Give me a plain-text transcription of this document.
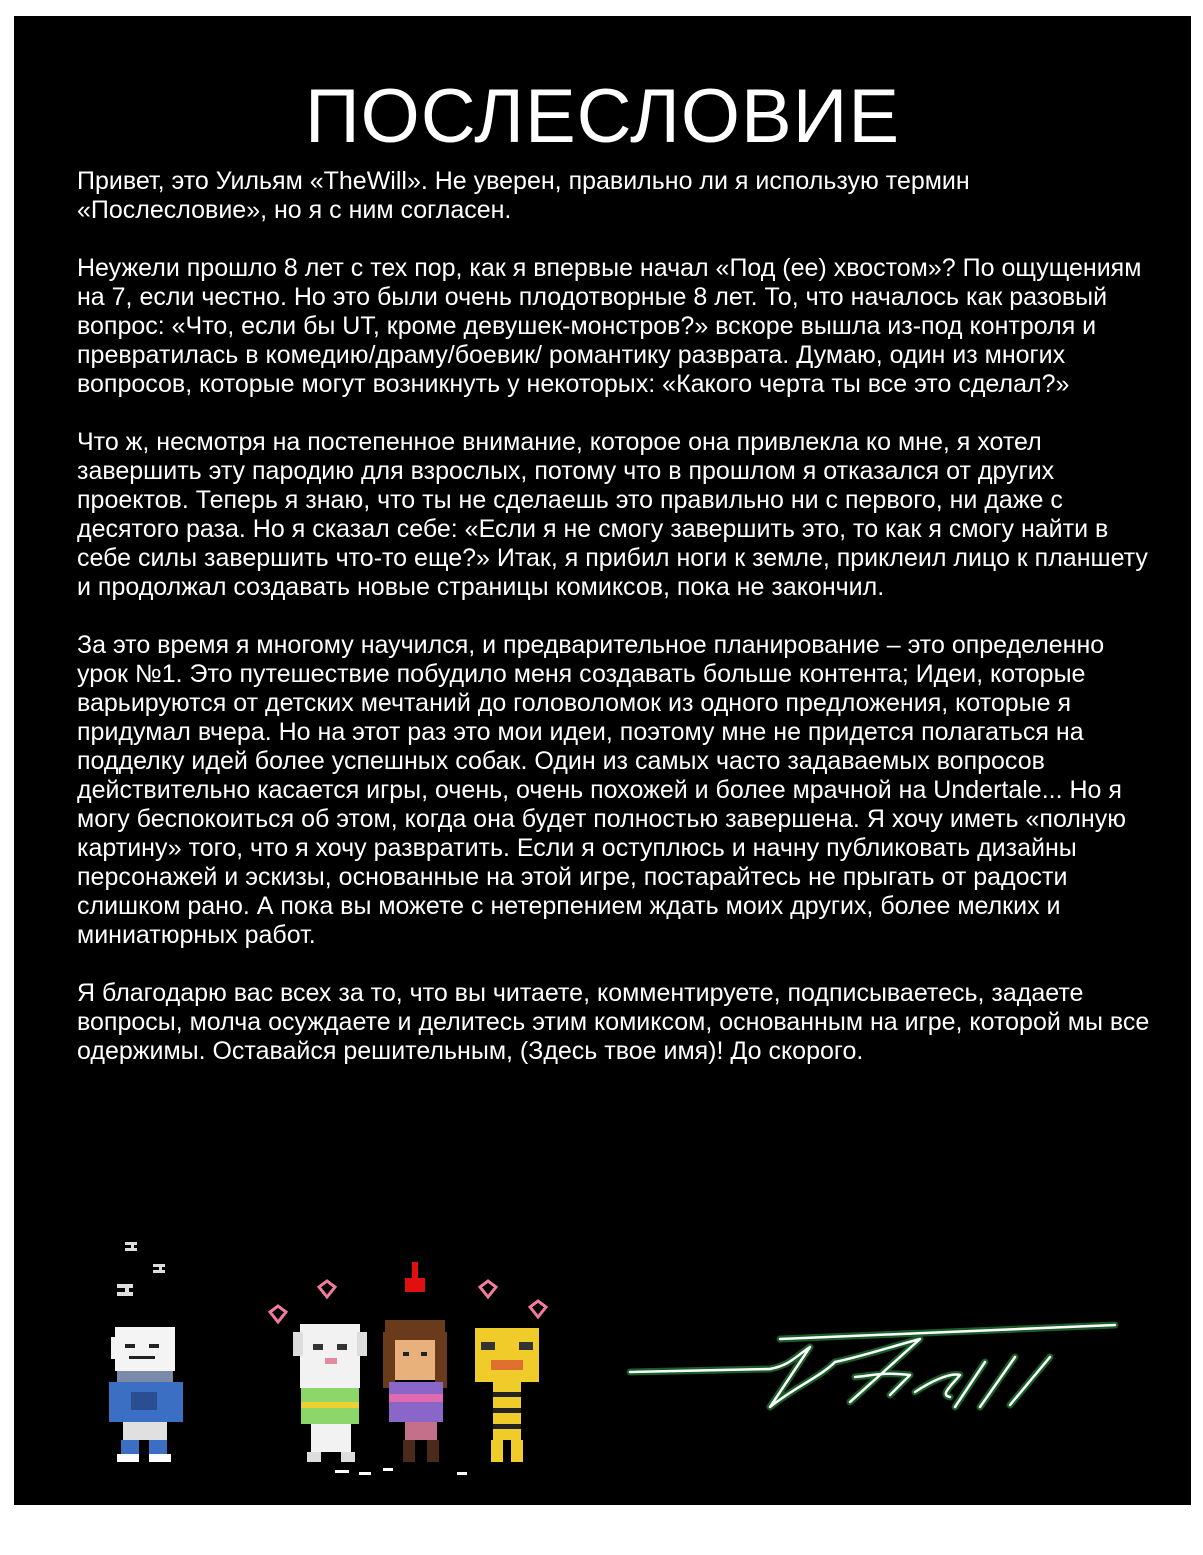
ПОСЛЕСЛОВИЕ

Привет, это Уильям «TheWill». Не уверен, правильно ли я использую термин «Послесловие», но я с ним согласен.

Неужели прошло 8 лет с тех пор, как я впервые начал «Под (ее) хвостом»? По ощущениям на 7, если честно. Но это были очень плодотворные 8 лет. То, что началось как разовый вопрос: «Что, если бы UT, кроме девушек-монстров?» вскоре вышла из-под контроля и превратилась в комедию/драму/боевик/ романтику разврата. Думаю, один из многих вопросов, которые могут возникнуть у некоторых: «Какого черта ты все это сделал?»

Что ж, несмотря на постепенное внимание, которое она привлекла ко мне, я хотел завершить эту пародию для взрослых, потому что в прошлом я отказался от других проектов. Теперь я знаю, что ты не сделаешь это правильно ни с первого, ни даже с десятого раза. Но я сказал себе: «Если я не смогу завершить это, то как я смогу найти в себе силы завершить что-то еще?» Итак, я прибил ноги к земле, приклеил лицо к планшету и продолжал создавать новые страницы комиксов, пока не закончил.

За это время я многому научился, и предварительное планирование – это определенно урок №1. Это путешествие побудило меня создавать больше контента; Идеи, которые варьируются от детских мечтаний до головоломок из одного предложения, которые я придумал вчера. Но на этот раз это мои идеи, поэтому мне не придется полагаться на подделку идей более успешных собак. Один из самых часто задаваемых вопросов действительно касается игры, очень, очень похожей и более мрачной на Undertale... Но я могу беспокоиться об этом, когда она будет полностью завершена. Я хочу иметь «полную картину» того, что я хочу развратить. Если я оступлюсь и начну публиковать дизайны персонажей и эскизы, основанные на этой игре, постарайтесь не прыгать от радости слишком рано. А пока вы можете с нетерпением ждать моих других, более мелких и миниатюрных работ.

Я благодарю вас всех за то, что вы читаете, комментируете, подписываетесь, задаете вопросы, молча осуждаете и делитесь этим комиксом, основанным на игре, которой мы все одержимы. Оставайся решительным, (Здесь твое имя)! До скорого.
